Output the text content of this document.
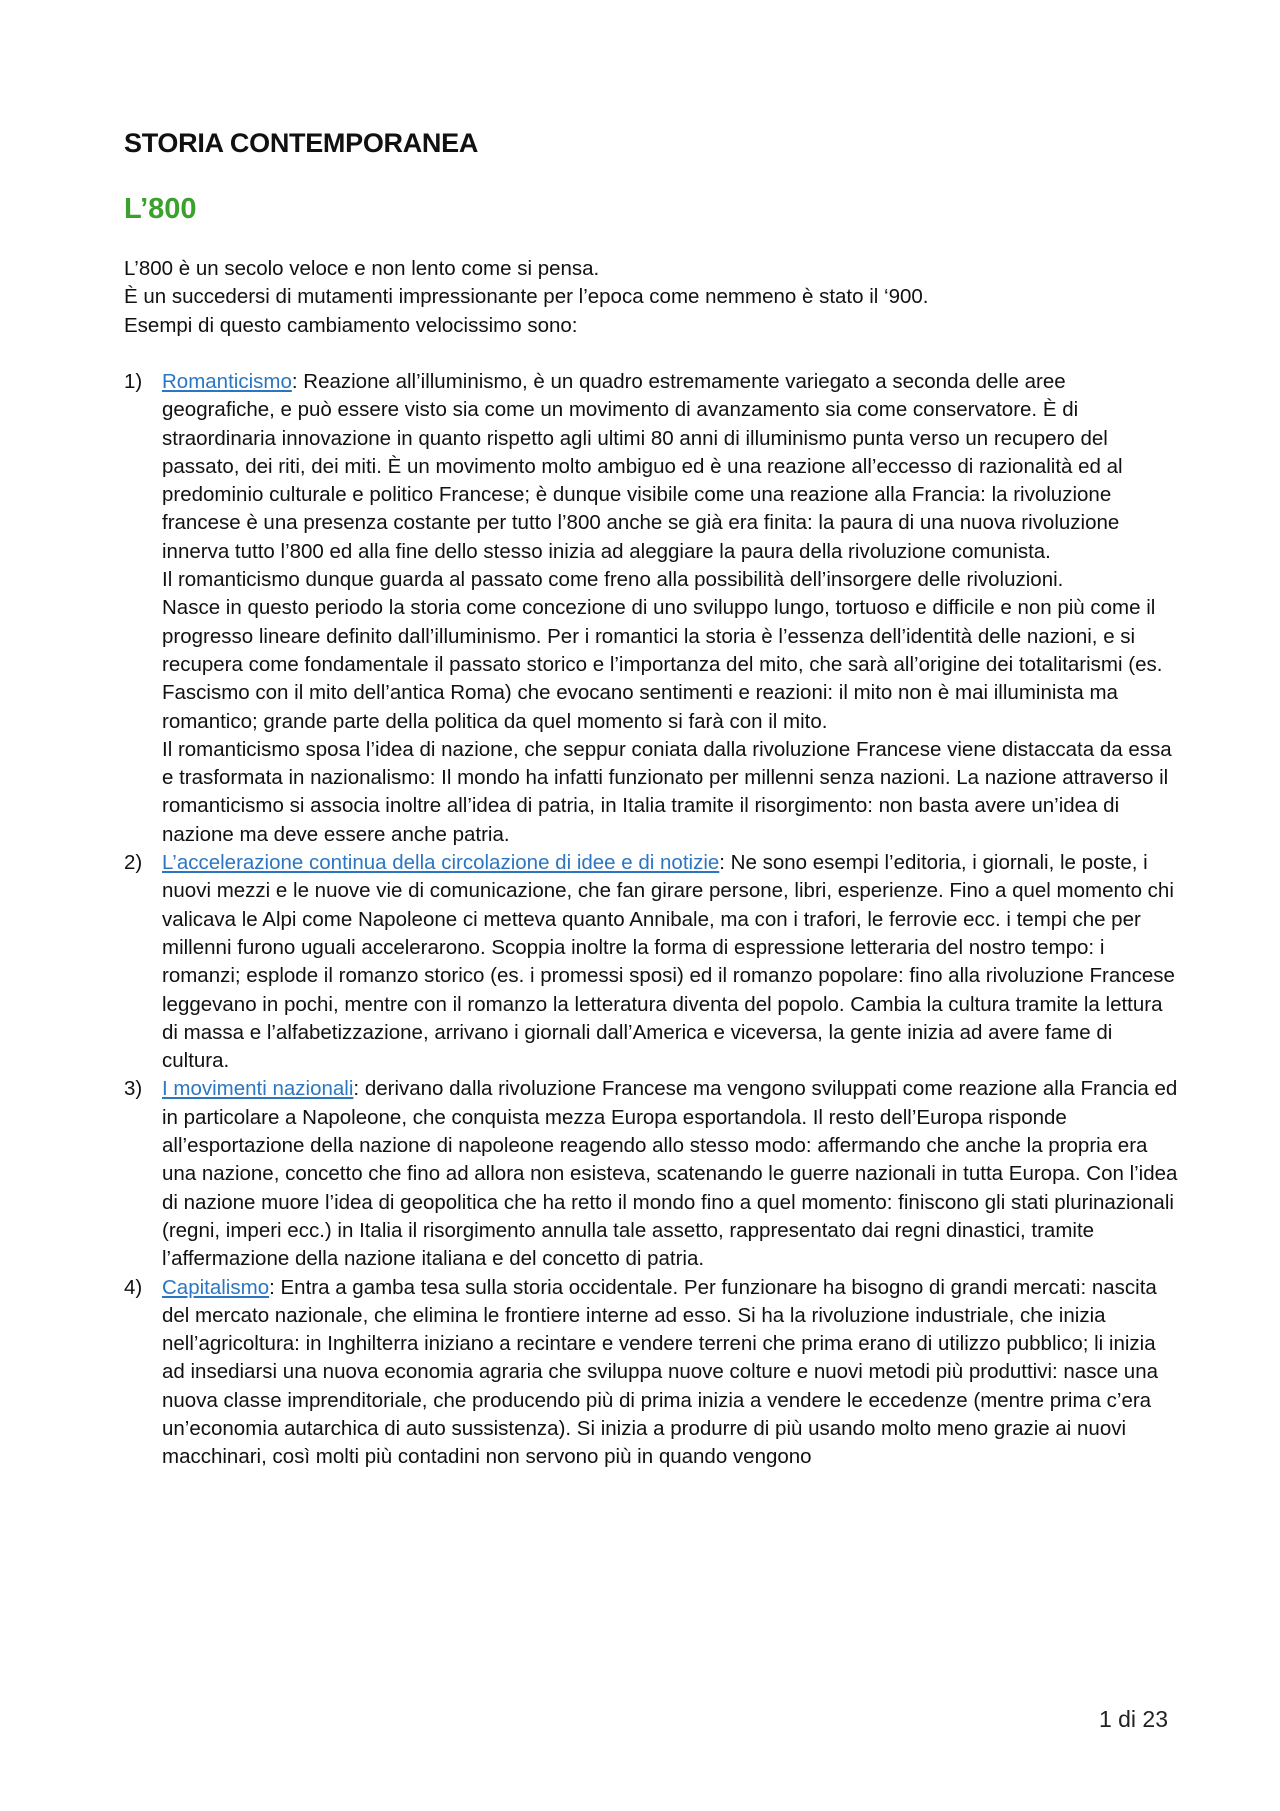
STORIA CONTEMPORANEA
L’800

L’800 è un secolo veloce e non lento come si pensa.

È un succedersi di mutamenti impressionante per l’epoca come nemmeno è stato il ‘900.

Esempi di questo cambiamento velocissimo sono:

1) Romanticismo: Reazione all’illuminismo, è un quadro estremamente variegato a seconda delle aree geografiche, e può essere visto sia come un movimento di avanzamento sia come conservatore. È di straordinaria innovazione in quanto rispetto agli ultimi 80 anni di illuminismo punta verso un recupero del passato, dei riti, dei miti. È un movimento molto ambiguo ed è una reazione all’eccesso di razionalità ed al predominio culturale e politico Francese; è dunque visibile come una reazione alla Francia: la rivoluzione francese è una presenza costante per tutto l’800 anche se già era finita: la paura di una nuova rivoluzione innerva tutto l’800 ed alla fine dello stesso inizia ad aleggiare la paura della rivoluzione comunista.

Il romanticismo dunque guarda al passato come freno alla possibilità dell’insorgere delle rivoluzioni.

Nasce in questo periodo la storia come concezione di uno sviluppo lungo, tortuoso e difficile e non più come il progresso lineare definito dall’illuminismo. Per i romantici la storia è l’essenza dell’identità delle nazioni, e si recupera come fondamentale il passato storico e l’importanza del mito, che sarà all’origine dei totalitarismi (es. Fascismo con il mito dell’antica Roma) che evocano sentimenti e reazioni: il mito non è mai illuminista ma romantico; grande parte della politica da quel momento si farà con il mito.

Il romanticismo sposa l’idea di nazione, che seppur coniata dalla rivoluzione Francese viene distaccata da essa e trasformata in nazionalismo: Il mondo ha infatti funzionato per millenni senza nazioni. La nazione attraverso il romanticismo si associa inoltre all’idea di patria, in Italia tramite il risorgimento: non basta avere un’idea di nazione ma deve essere anche patria.

2) L’accelerazione continua della circolazione di idee e di notizie: Ne sono esempi l’editoria, i giornali, le poste, i nuovi mezzi e le nuove vie di comunicazione, che fan girare persone, libri, esperienze. Fino a quel momento chi valicava le Alpi come Napoleone ci metteva quanto Annibale, ma con i trafori, le ferrovie ecc. i tempi che per millenni furono uguali accelerarono. Scoppia inoltre la forma di espressione letteraria del nostro tempo: i romanzi; esplode il romanzo storico (es. i promessi sposi) ed il romanzo popolare: fino alla rivoluzione Francese leggevano in pochi, mentre con il romanzo la letteratura diventa del popolo. Cambia la cultura tramite la lettura di massa e l’alfabetizzazione, arrivano i giornali dall’America e viceversa, la gente inizia ad avere fame di cultura.

3) I movimenti nazionali: derivano dalla rivoluzione Francese ma vengono sviluppati come reazione alla Francia ed in particolare a Napoleone, che conquista mezza Europa esportandola. Il resto dell’Europa risponde all’esportazione della nazione di napoleone reagendo allo stesso modo: affermando che anche la propria era una nazione, concetto che fino ad allora non esisteva, scatenando le guerre nazionali in tutta Europa. Con l’idea di nazione muore l’idea di geopolitica che ha retto il mondo fino a quel momento: finiscono gli stati plurinazionali (regni, imperi ecc.) in Italia il risorgimento annulla tale assetto, rappresentato dai regni dinastici, tramite l’affermazione della nazione italiana e del concetto di patria.

4) Capitalismo: Entra a gamba tesa sulla storia occidentale. Per funzionare ha bisogno di grandi mercati: nascita del mercato nazionale, che elimina le frontiere interne ad esso. Si ha la rivoluzione industriale, che inizia nell’agricoltura: in Inghilterra iniziano a recintare e vendere terreni che prima erano di utilizzo pubblico; li inizia ad insediarsi una nuova economia agraria che sviluppa nuove colture e nuovi metodi più produttivi: nasce una nuova classe imprenditoriale, che producendo più di prima inizia a vendere le eccedenze (mentre prima c’era un’economia autarchica di auto sussistenza). Si inizia a produrre di più usando molto meno grazie ai nuovi macchinari, così molti più contadini non servono più in quando vengono

1 di 23
